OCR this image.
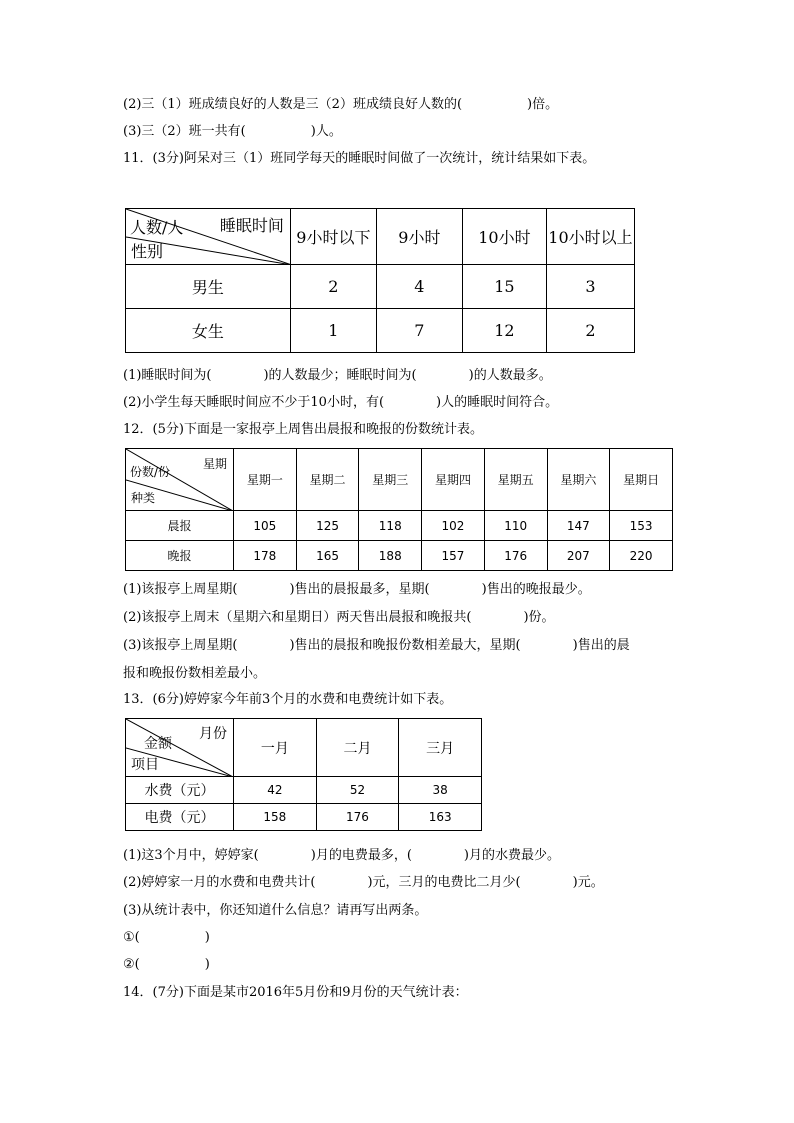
(2)三（1）班成绩良好的人数是三（2）班成绩良好人数的(　　　　　)倍。
(3)三（2）班一共有(　　　　　)人。
11．(3分)阿呆对三（1）班同学每天的睡眠时间做了一次统计，统计结果如下表。
睡眠时间
人数/人
性别	9小时以下	9小时	10小时	10小时以上
男生	2	4	15	3
女生	1	7	12	2
(1)睡眠时间为(　　　　)的人数最少；睡眠时间为(　　　　)的人数最多。
(2)小学生每天睡眠时间应不少于10小时，有(　　　　)人的睡眠时间符合。
12．(5分)下面是一家报亭上周售出晨报和晚报的份数统计表。
星期
份数/份
种类	星期一	星期二	星期三	星期四	星期五	星期六	星期日
晨报	105	125	118	102	110	147	153
晚报	178	165	188	157	176	207	220
(1)该报亭上周星期(　　　　)售出的晨报最多，星期(　　　　)售出的晚报最少。
(2)该报亭上周末（星期六和星期日）两天售出晨报和晚报共(　　　　)份。
(3)该报亭上周星期(　　　　)售出的晨报和晚报份数相差最大，星期(　　　　)售出的晨
报和晚报份数相差最小。
13．(6分)婷婷家今年前3个月的水费和电费统计如下表。
月份
金额
项目	一月	二月	三月
水费（元）	42	52	38
电费（元）	158	176	163
(1)这3个月中，婷婷家(　　　　)月的电费最多，(　　　　)月的水费最少。
(2)婷婷家一月的水费和电费共计(　　　　)元，三月的电费比二月少(　　　　)元。
(3)从统计表中，你还知道什么信息？请再写出两条。
①(　　　　　)
②(　　　　　)
14．(7分)下面是某市2016年5月份和9月份的天气统计表：
